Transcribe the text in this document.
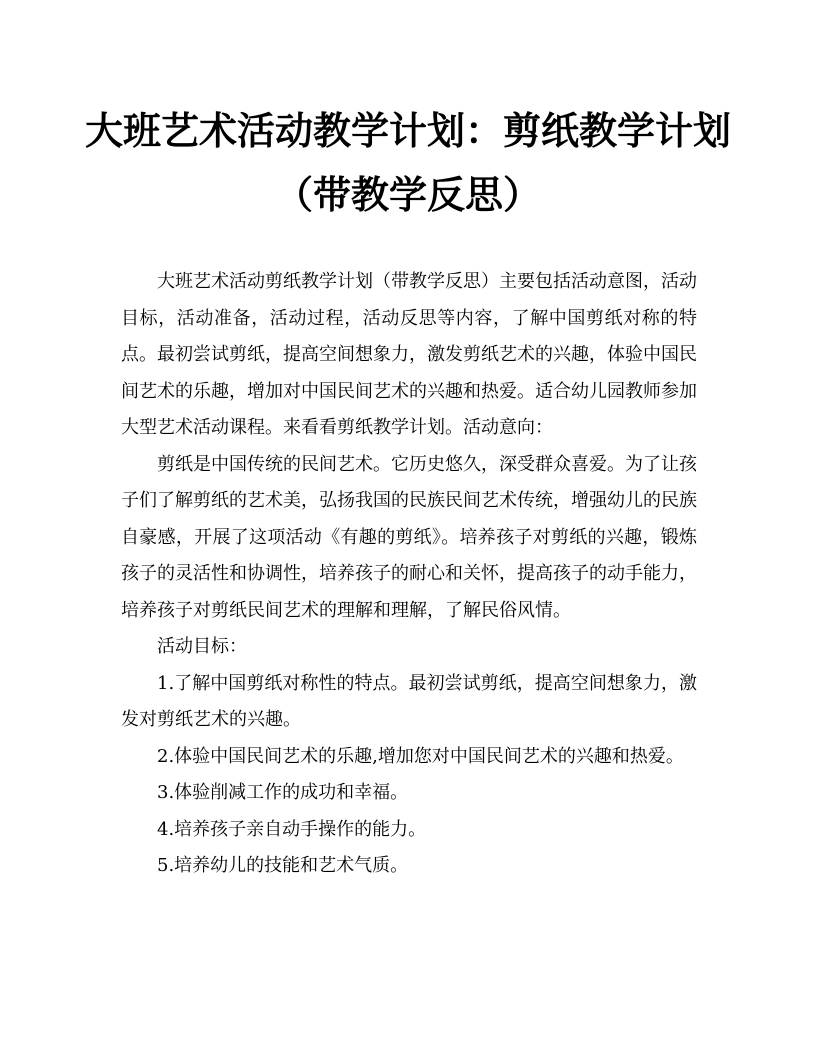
大班艺术活动教学计划：剪纸教学计划
（带教学反思）

大班艺术活动剪纸教学计划（带教学反思）主要包括活动意图，活动目标，活动准备，活动过程，活动反思等内容，了解中国剪纸对称的特点。最初尝试剪纸，提高空间想象力，激发剪纸艺术的兴趣，体验中国民间艺术的乐趣，增加对中国民间艺术的兴趣和热爱。适合幼儿园教师参加大型艺术活动课程。来看看剪纸教学计划。活动意向：

剪纸是中国传统的民间艺术。它历史悠久，深受群众喜爱。为了让孩子们了解剪纸的艺术美，弘扬我国的民族民间艺术传统，增强幼儿的民族自豪感，开展了这项活动《有趣的剪纸》。培养孩子对剪纸的兴趣，锻炼孩子的灵活性和协调性，培养孩子的耐心和关怀，提高孩子的动手能力，培养孩子对剪纸民间艺术的理解和理解，了解民俗风情。

活动目标：

1.了解中国剪纸对称性的特点。最初尝试剪纸，提高空间想象力，激发对剪纸艺术的兴趣。

2.体验中国民间艺术的乐趣,增加您对中国民间艺术的兴趣和热爱。

3.体验削减工作的成功和幸福。

4.培养孩子亲自动手操作的能力。

5.培养幼儿的技能和艺术气质。
